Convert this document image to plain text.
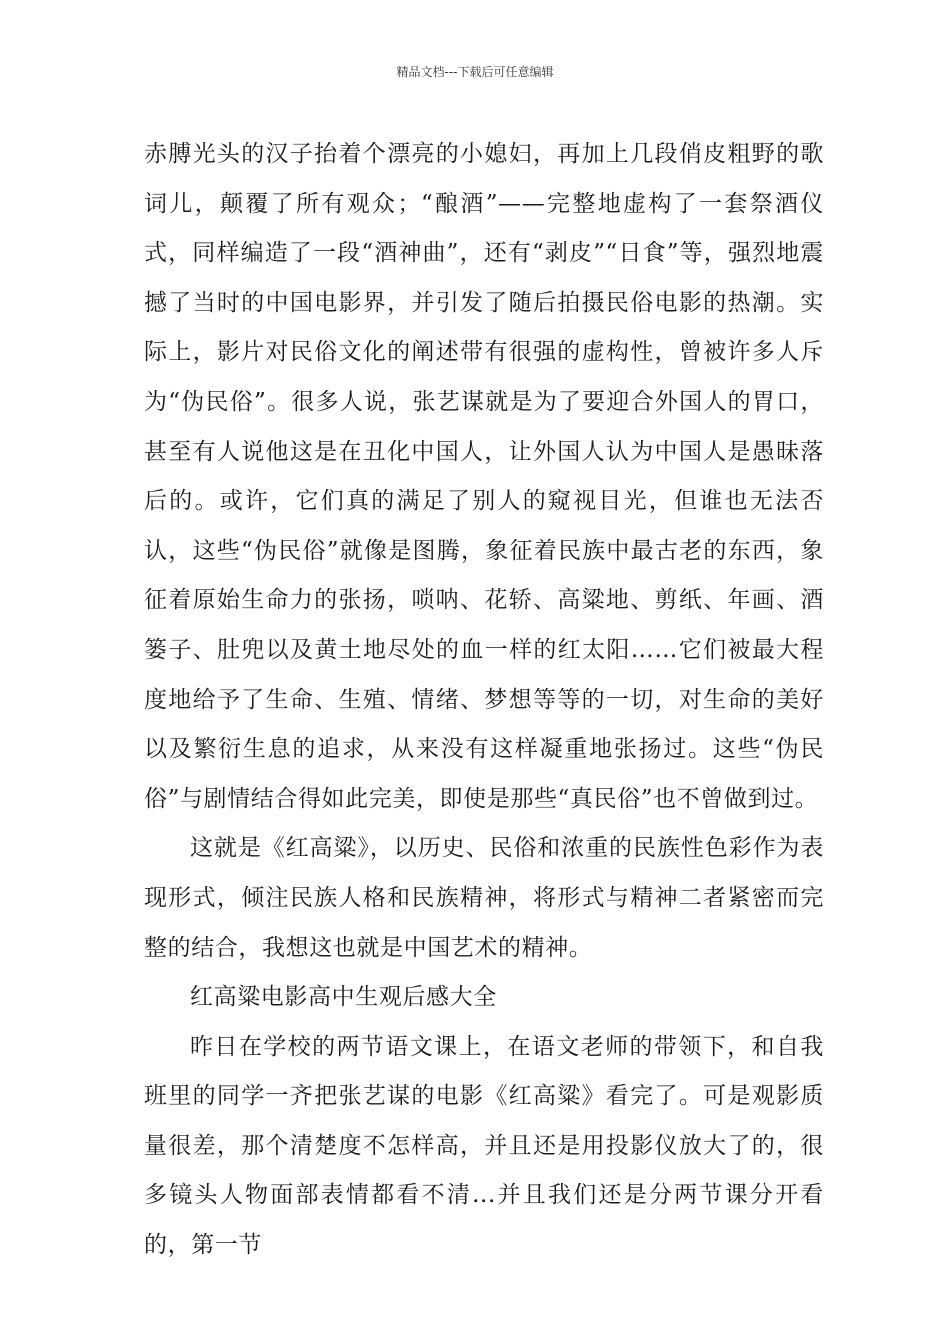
精品文档---下载后可任意编辑

赤膊光头的汉子抬着个漂亮的小媳妇，再加上几段俏皮粗野的歌词儿，颠覆了所有观众；“酿酒”——完整地虚构了一套祭酒仪式，同样编造了一段“酒神曲”，还有“剥皮”“日食”等，强烈地震撼了当时的中国电影界，并引发了随后拍摄民俗电影的热潮。实际上，影片对民俗文化的阐述带有很强的虚构性，曾被许多人斥为“伪民俗”。很多人说，张艺谋就是为了要迎合外国人的胃口，甚至有人说他这是在丑化中国人，让外国人认为中国人是愚昧落后的。或许，它们真的满足了别人的窥视目光，但谁也无法否认，这些“伪民俗”就像是图腾，象征着民族中最古老的东西，象征着原始生命力的张扬，唢呐、花轿、高粱地、剪纸、年画、酒篓子、肚兜以及黄土地尽处的血一样的红太阳……它们被最大程度地给予了生命、生殖、情绪、梦想等等的一切，对生命的美好以及繁衍生息的追求，从来没有这样凝重地张扬过。这些“伪民俗”与剧情结合得如此完美，即使是那些“真民俗”也不曾做到过。

这就是《红高粱》，以历史、民俗和浓重的民族性色彩作为表现形式，倾注民族人格和民族精神，将形式与精神二者紧密而完整的结合，我想这也就是中国艺术的精神。

红高粱电影高中生观后感大全

昨日在学校的两节语文课上，在语文老师的带领下，和自我班里的同学一齐把张艺谋的电影《红高粱》看完了。可是观影质量很差，那个清楚度不怎样高，并且还是用投影仪放大了的，很多镜头人物面部表情都看不清...并且我们还是分两节课分开看的，第一节
